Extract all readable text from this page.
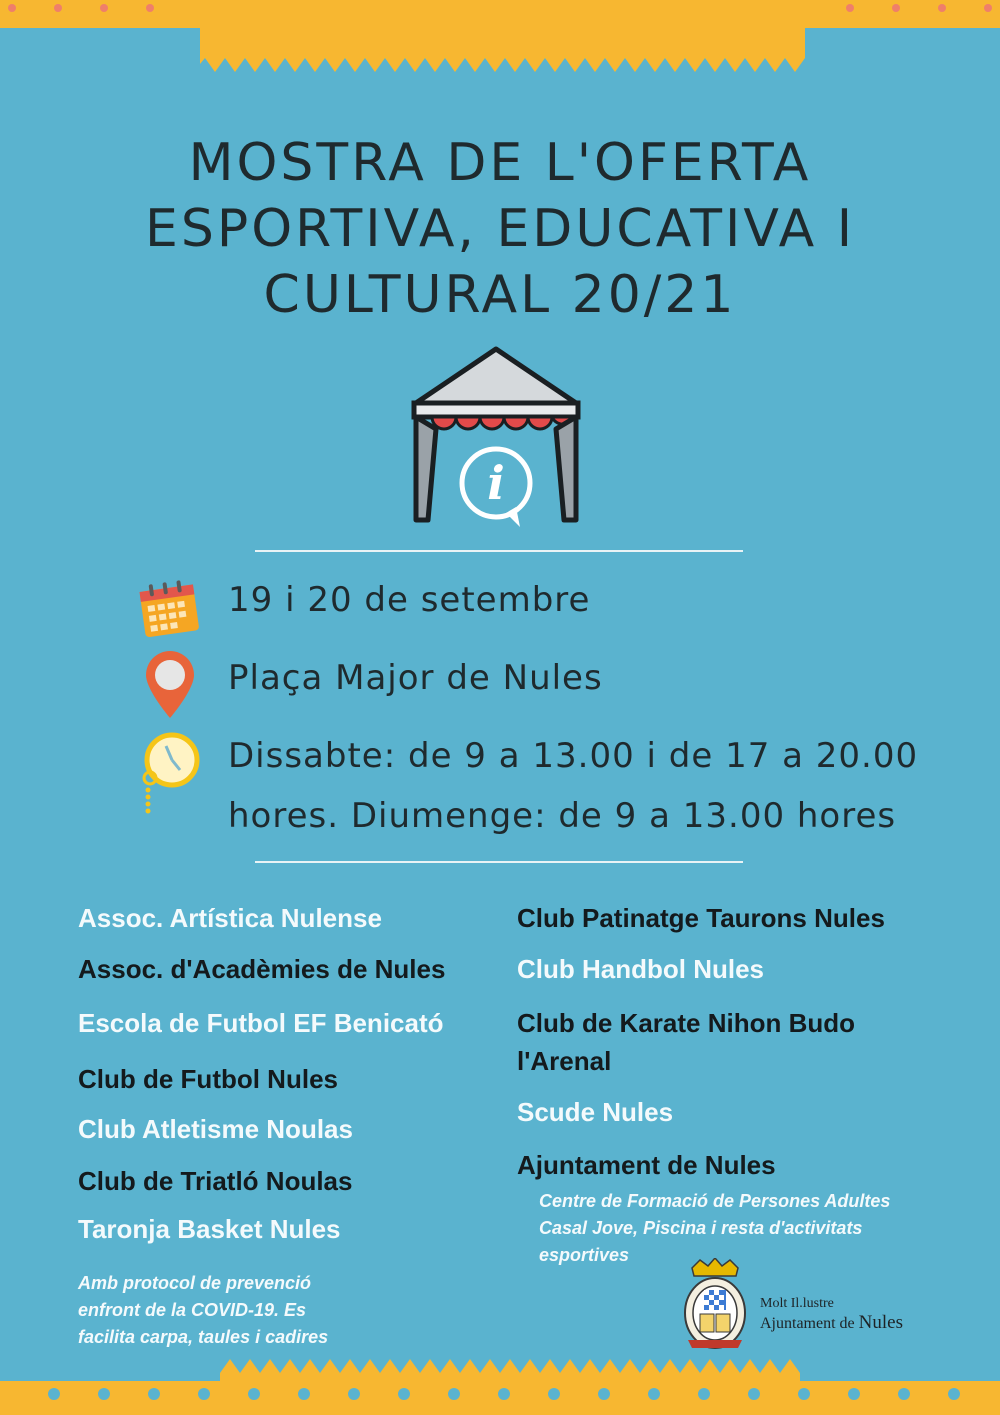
MOSTRA DE L'OFERTA
ESPORTIVA, EDUCATIVA I
CULTURAL 20/21
i
19 i 20 de setembre
Plaça Major de Nules
Dissabte: de 9 a 13.00 i de 17 a 20.00
hores. Diumenge: de 9 a 13.00 hores
Assoc. Artística Nulense
Assoc. d'Acadèmies de Nules
Escola de Futbol EF Benicató
Club de Futbol Nules
Club Atletisme Noulas
Club de Triatló Noulas
Taronja Basket Nules
Club Patinatge Taurons Nules
Club Handbol Nules
Club de Karate Nihon Budo
l'Arenal
Scude Nules
Ajuntament de Nules
Centre de Formació de Persones Adultes
Casal Jove, Piscina i resta d'activitats
esportives
Amb protocol de prevenció
enfront de la COVID-19. Es
facilita carpa, taules i cadires
Molt Il.lustre
Ajuntament de Nules
